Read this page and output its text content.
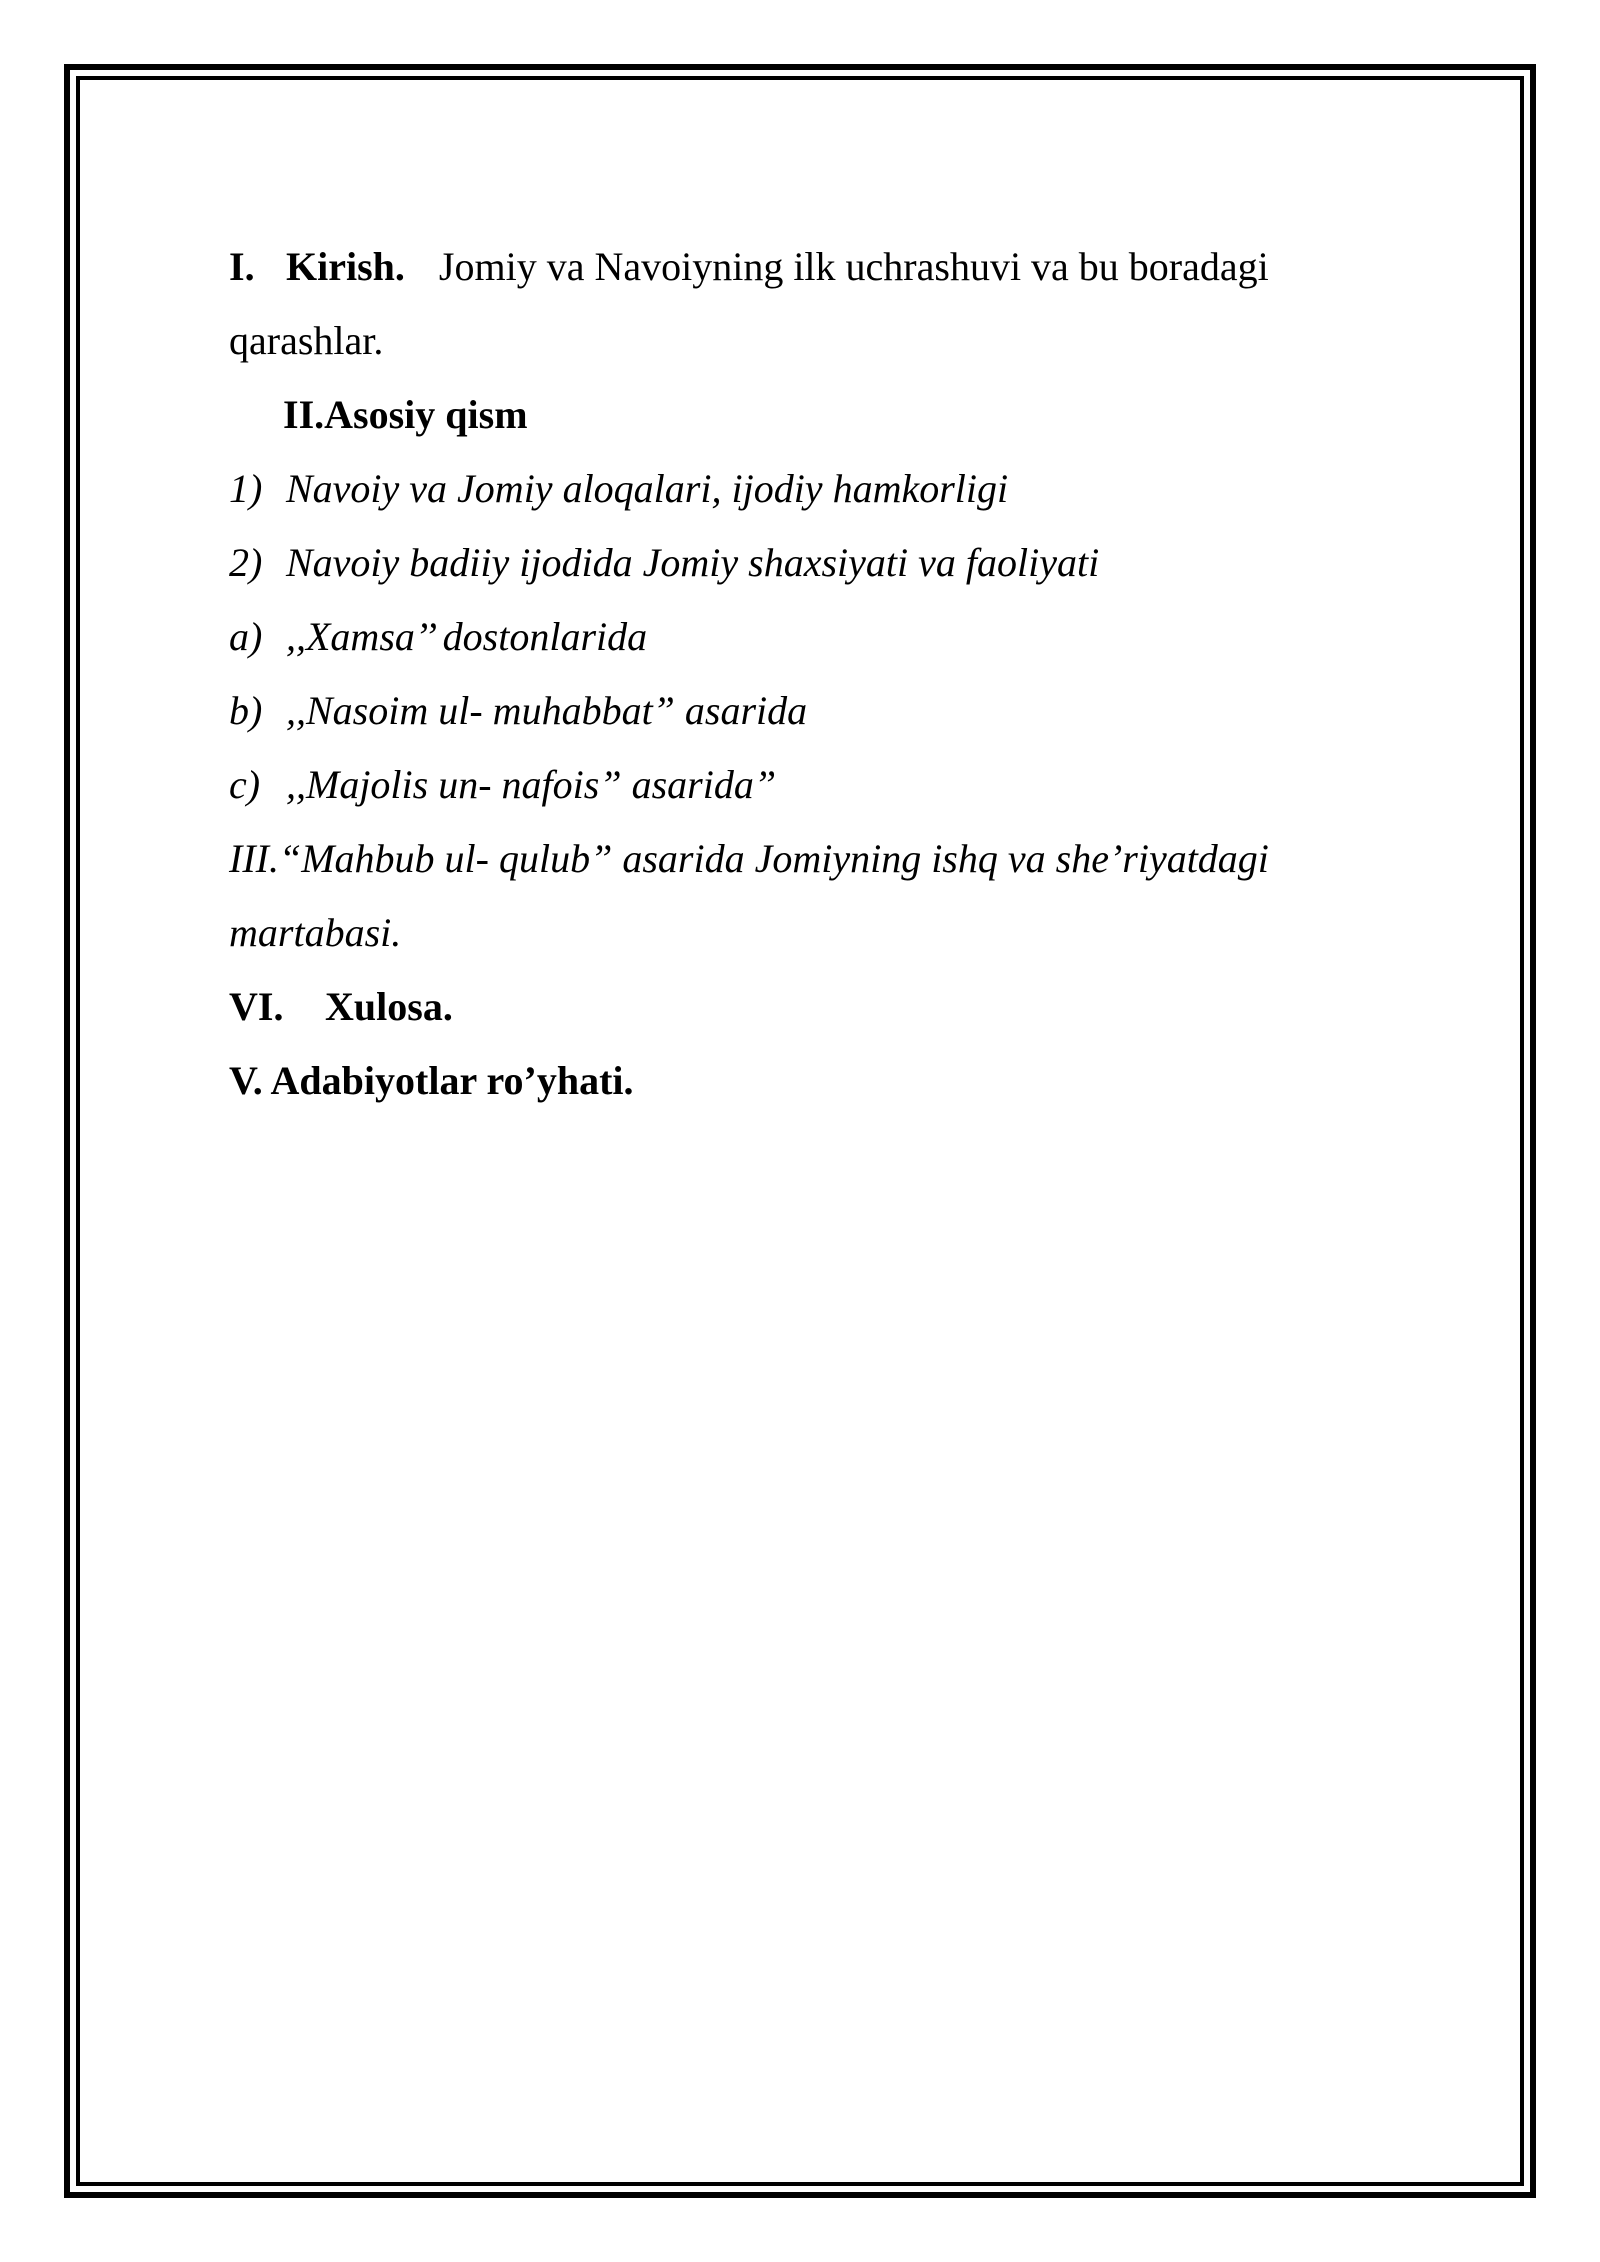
I. Kirish. Jomiy va Navoiyning ilk uchrashuvi va bu boradagi

qarashlar.

II.Asosiy qism

1) Navoiy va Jomiy aloqalari, ijodiy hamkorligi

2) Navoiy badiiy ijodida Jomiy shaxsiyati va faoliyati

a) ,,Xamsa’’ dostonlarida

b) ,,Nasoim ul- muhabbat” asarida

c) ,,Majolis un- nafois” asarida”

III.“Mahbub ul- qulub” asarida Jomiyning ishq va she’riyatdagi

martabasi.

VI. Xulosa.

V. Adabiyotlar ro’yhati.
